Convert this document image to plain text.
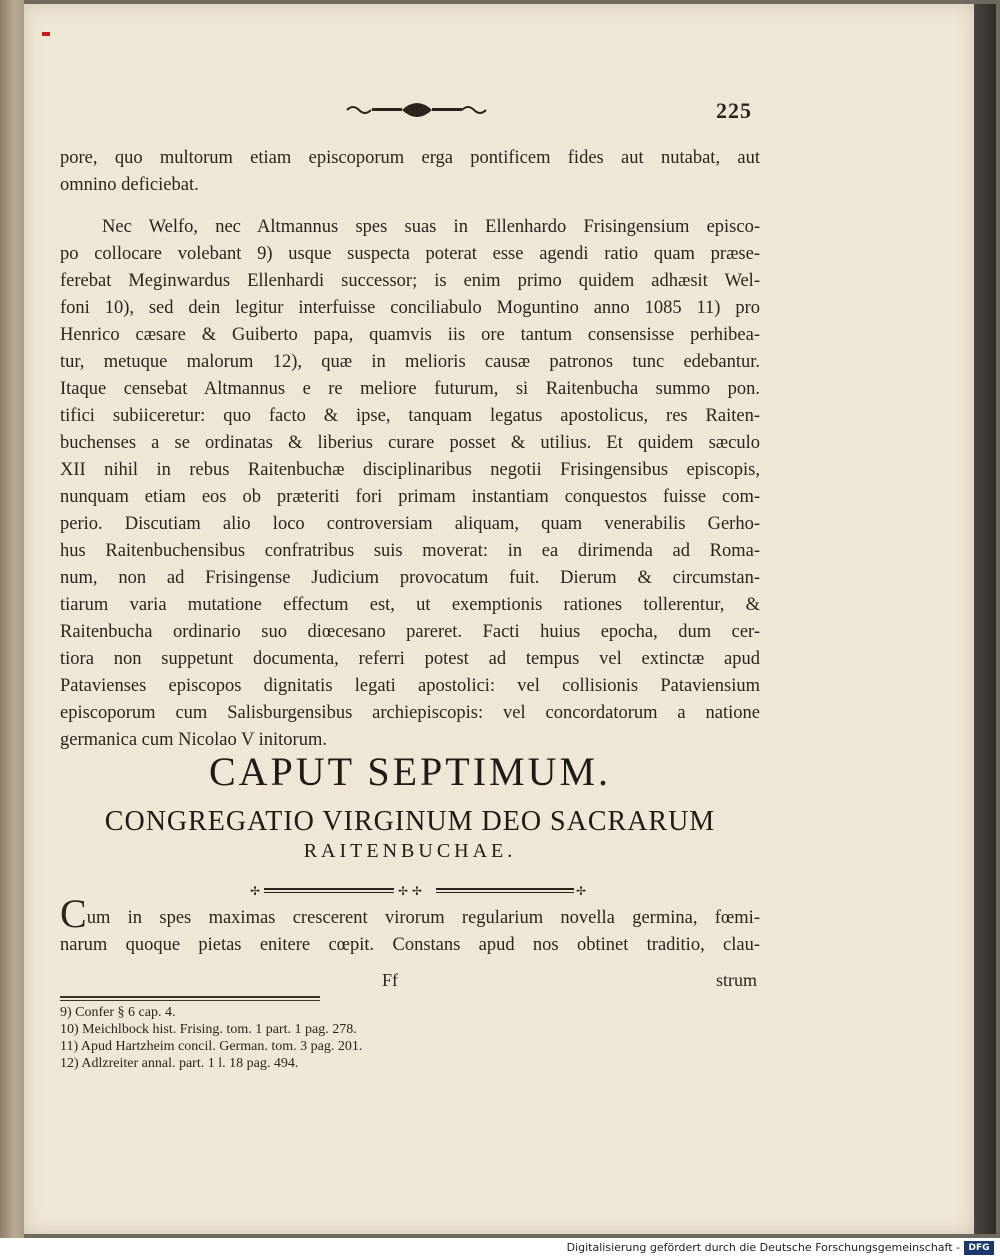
225

pore, quo multorum etiam episcoporum erga pontificem fides aut nutabat, aut
omnino deficiebat.

Nec Welfo, nec Altmannus spes suas in Ellenhardo Frisingensium episco-
po collocare volebant 9) usque suspecta poterat esse agendi ratio quam præse-
ferebat Meginwardus Ellenhardi successor; is enim primo quidem adhæsit Wel-
foni 10), sed dein legitur interfuisse conciliabulo Moguntino anno 1085 11) pro
Henrico cæsare & Guiberto papa, quamvis iis ore tantum consensisse perhibea-
tur, metuque malorum 12), quæ in melioris causæ patronos tunc edebantur.
Itaque censebat Altmannus e re meliore futurum, si Raitenbucha summo pon.
tifici subiiceretur: quo facto & ipse, tanquam legatus apostolicus, res Raiten-
buchenses a se ordinatas & liberius curare posset & utilius. Et quidem sæculo
XII nihil in rebus Raitenbuchæ disciplinaribus negotii Frisingensibus episcopis,
nunquam etiam eos ob præteriti fori primam instantiam conquestos fuisse com-
perio. Discutiam alio loco controversiam aliquam, quam venerabilis Gerho-
hus Raitenbuchensibus confratribus suis moverat: in ea dirimenda ad Roma-
num, non ad Frisingense Judicium provocatum fuit. Dierum & circumstan-
tiarum varia mutatione effectum est, ut exemptionis rationes tollerentur, &
Raitenbucha ordinario suo diœcesano pareret. Facti huius epocha, dum cer-
tiora non suppetunt documenta, referri potest ad tempus vel extinctæ apud
Patavienses episcopos dignitatis legati apostolici: vel collisionis Pataviensium
episcoporum cum Salisburgensibus archiepiscopis: vel concordatorum a natione
germanica cum Nicolao V initorum.

CAPUT SEPTIMUM.
CONGREGATIO VIRGINUM DEO SACRARUM
RAITENBUCHAE.
✢	✢ ✢	✢

Cum in spes maximas crescerent virorum regularium novella germina, fœmi-
narum quoque pietas enitere cœpit. Constans apud nos obtinet traditio, clau-

Ff	strum
9) Confer § 6 cap. 4.
10) Meichlbock hist. Frising. tom. 1 part. 1 pag. 278.
11) Apud Hartzheim concil. German. tom. 3 pag. 201.
12) Adlzreiter annal. part. 1 l. 18 pag. 494.
Digitalisierung gefördert durch die Deutsche Forschungsgemeinschaft - DFG
